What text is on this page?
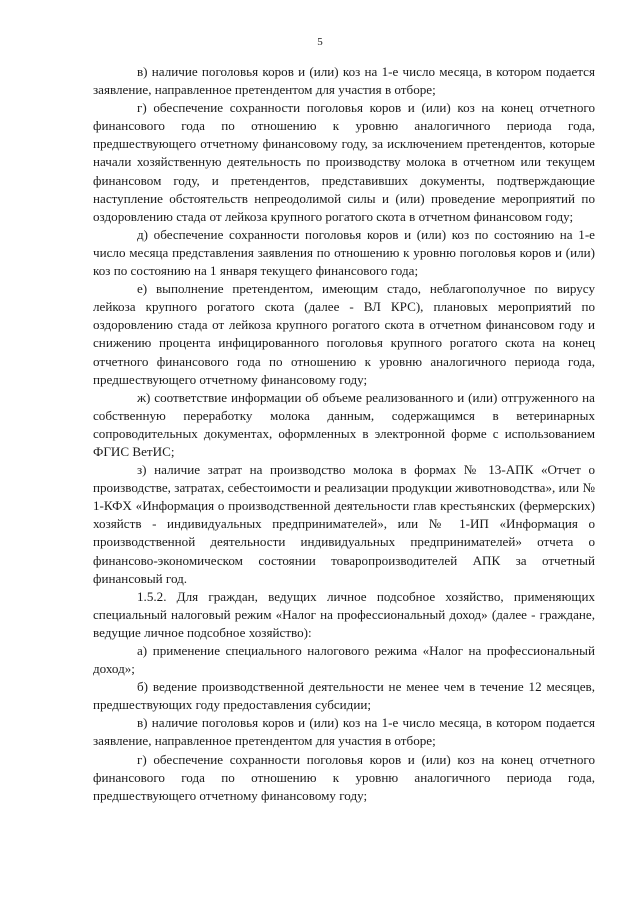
5

в) наличие поголовья коров и (или) коз на 1-е число месяца, в котором подается заявление, направленное претендентом для участия в отборе;

г) обеспечение сохранности поголовья коров и (или) коз на конец отчетного финансового года по отношению к уровню аналогичного периода года, предшествующего отчетному финансовому году, за исключением претендентов, которые начали хозяйственную деятельность по производству молока в отчетном или текущем финансовом году, и претендентов, представивших документы, подтверждающие наступление обстоятельств непреодолимой силы и (или) проведение мероприятий по оздоровлению стада от лейкоза крупного рогатого скота в отчетном финансовом году;

д) обеспечение сохранности поголовья коров и (или) коз по состоянию на 1-е число месяца представления заявления по отношению к уровню поголовья коров и (или) коз по состоянию на 1 января текущего финансового года;

е) выполнение претендентом, имеющим стадо, неблагополучное по вирусу лейкоза крупного рогатого скота (далее - ВЛ КРС), плановых мероприятий по оздоровлению стада от лейкоза крупного рогатого скота в отчетном финансовом году и снижению процента инфицированного поголовья крупного рогатого скота на конец отчетного финансового года по отношению к уровню аналогичного периода года, предшествующего отчетному финансовому году;

ж) соответствие информации об объеме реализованного и (или) отгруженного на собственную переработку молока данным, содержащимся в ветеринарных сопроводительных документах, оформленных в электронной форме с использованием ФГИС ВетИС;

з) наличие затрат на производство молока в формах № 13-АПК «Отчет о производстве, затратах, себестоимости и реализации продукции животноводства», или № 1-КФХ «Информация о производственной деятельности глав крестьянских (фермерских) хозяйств - индивидуальных предпринимателей», или № 1-ИП «Информация о производственной деятельности индивидуальных предпринимателей» отчета о финансово-экономическом состоянии товаропроизводителей АПК за отчетный финансовый год.

1.5.2. Для граждан, ведущих личное подсобное хозяйство, применяющих специальный налоговый режим «Налог на профессиональный доход» (далее - граждане, ведущие личное подсобное хозяйство):

а) применение специального налогового режима «Налог на профессиональный доход»;

б) ведение производственной деятельности не менее чем в течение 12 месяцев, предшествующих году предоставления субсидии;

в) наличие поголовья коров и (или) коз на 1-е число месяца, в котором подается заявление, направленное претендентом для участия в отборе;

г) обеспечение сохранности поголовья коров и (или) коз на конец отчетного финансового года по отношению к уровню аналогичного периода года, предшествующего отчетному финансовому году;
